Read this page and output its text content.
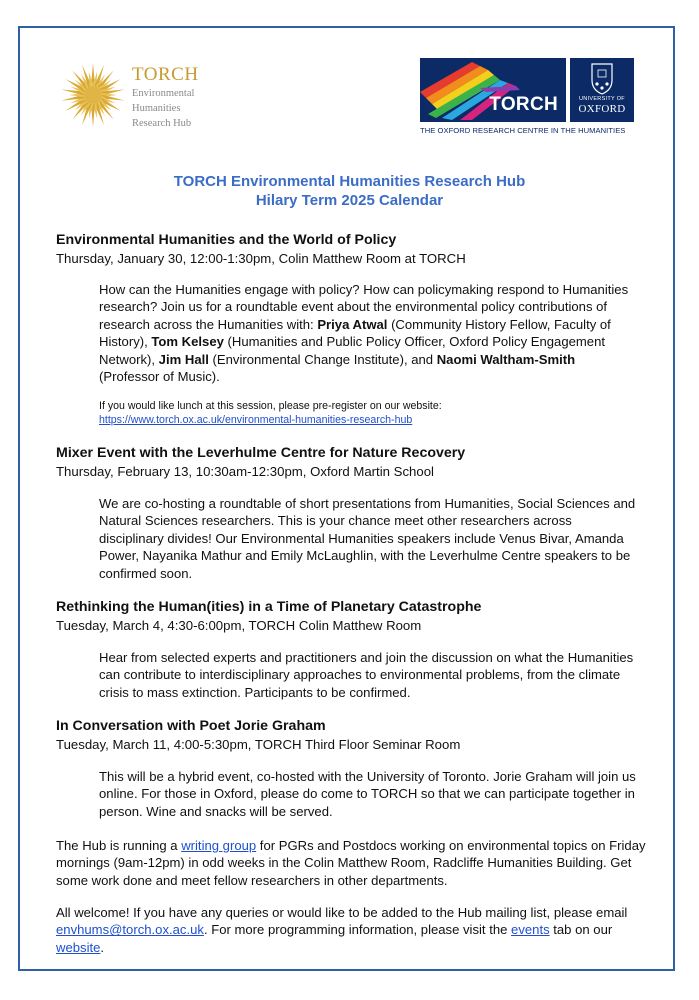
TORCH
Environmental
Humanities
Research Hub
TORCH	UNIVERSITY OF
OXFORD
THE OXFORD RESEARCH CENTRE IN THE HUMANITIES
TORCH Environmental Humanities Research Hub
Hilary Term 2025 Calendar
Environmental Humanities and the World of Policy
Thursday, January 30, 12:00-1:30pm, Colin Matthew Room at TORCH
How can the Humanities engage with policy? How can policymaking respond to Humanities research? Join us for a roundtable event about the environmental policy contributions of research across the Humanities with: Priya Atwal (Community History Fellow, Faculty of History), Tom Kelsey (Humanities and Public Policy Officer, Oxford Policy Engagement Network), Jim Hall (Environmental Change Institute), and Naomi Waltham-Smith (Professor of Music).
If you would like lunch at this session, please pre-register on our website:
https://www.torch.ox.ac.uk/environmental-humanities-research-hub
Mixer Event with the Leverhulme Centre for Nature Recovery
Thursday, February 13, 10:30am-12:30pm, Oxford Martin School
We are co-hosting a roundtable of short presentations from Humanities, Social Sciences and Natural Sciences researchers. This is your chance meet other researchers across disciplinary divides! Our Environmental Humanities speakers include Venus Bivar, Amanda Power, Nayanika Mathur and Emily McLaughlin, with the Leverhulme Centre speakers to be confirmed soon.
Rethinking the Human(ities) in a Time of Planetary Catastrophe
Tuesday, March 4, 4:30-6:00pm, TORCH Colin Matthew Room
Hear from selected experts and practitioners and join the discussion on what the Humanities can contribute to interdisciplinary approaches to environmental problems, from the climate crisis to mass extinction. Participants to be confirmed.
In Conversation with Poet Jorie Graham
Tuesday, March 11, 4:00-5:30pm, TORCH Third Floor Seminar Room
This will be a hybrid event, co-hosted with the University of Toronto. Jorie Graham will join us online. For those in Oxford, please do come to TORCH so that we can participate together in person. Wine and snacks will be served.
The Hub is running a writing group for PGRs and Postdocs working on environmental topics on Friday mornings (9am-12pm) in odd weeks in the Colin Matthew Room, Radcliffe Humanities Building. Get some work done and meet fellow researchers in other departments.
All welcome! If you have any queries or would like to be added to the Hub mailing list, please email envhums@torch.ox.ac.uk. For more programming information, please visit the events tab on our website.
